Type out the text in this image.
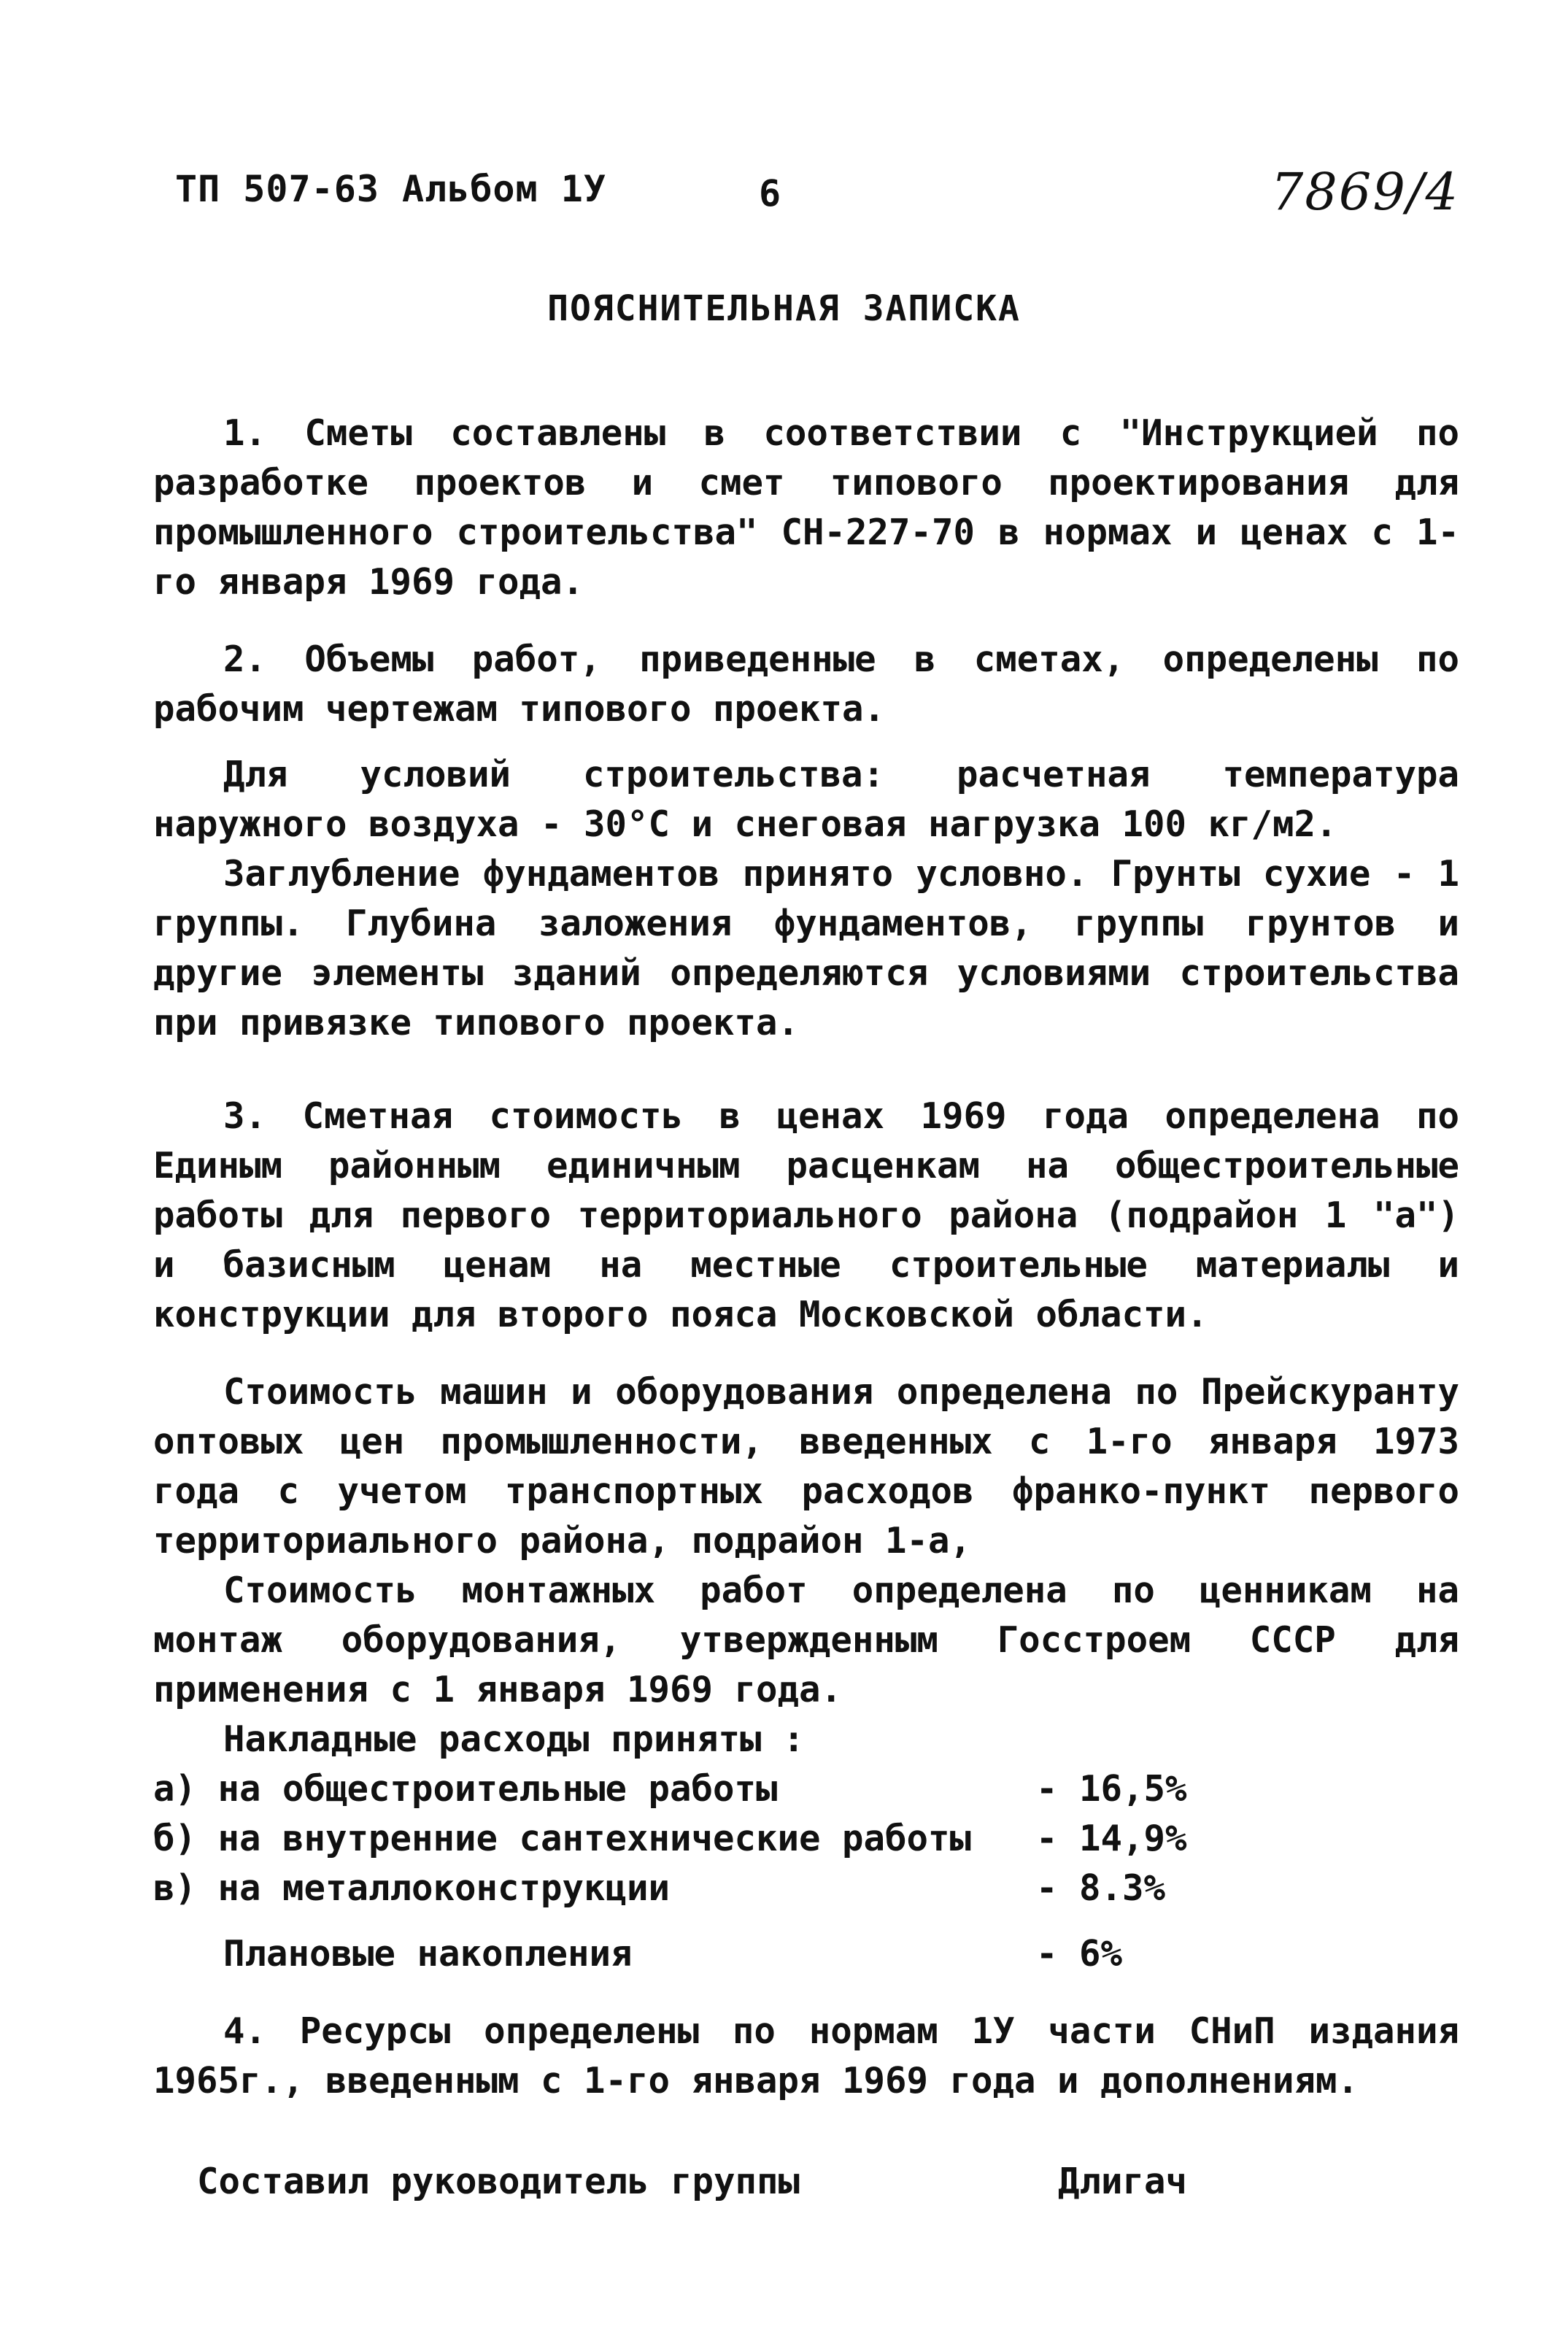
ТП 507-63 Альбом 1У	6	7869/4
ПОЯСНИТЕЛЬНАЯ ЗАПИСКА

1. Сметы составлены в соответствии с "Инструкцией по разработке проектов и смет типового проектирования для промышленного строительства" СН-227-70 в нормах и ценах с 1-го января 1969 года.

2. Объемы работ, приведенные в сметах, определены по рабочим чертежам типового проекта.

Для условий строительства: расчетная температура наружного воздуха - 30°С и снеговая нагрузка 100 кг/м2.

Заглубление фундаментов принято условно. Грунты сухие - 1 группы. Глубина заложения фундаментов, группы грунтов и другие элементы зданий определяются условиями строительства при привязке типового проекта.

3. Сметная стоимость в ценах 1969 года определена по Единым районным единичным расценкам на общестроительные работы для первого территориального района (подрайон 1 "а") и базисным ценам на местные строительные материалы и конструкции для второго пояса Московской области.

Стоимость машин и оборудования определена по Прейскуранту оптовых цен промышленности, введенных с 1-го января 1973 года с учетом транспортных расходов франко-пункт первого территориального района, подрайон 1-а,

Стоимость монтажных работ определена по ценникам на монтаж оборудования, утвержденным Госстроем СССР для применения с 1 января 1969 года.

Накладные расходы приняты :

а) на общестроительные работы	- 16,5%
б) на внутренние сантехнические работы - 14,9%
в) на металлоконструкции	- 8.3%
Плановые накопления	- 6%

4. Ресурсы определены по нормам 1У части СНиП издания 1965г., введенным с 1-го января 1969 года и дополнениям.

Составил руководитель группы	Длигач
